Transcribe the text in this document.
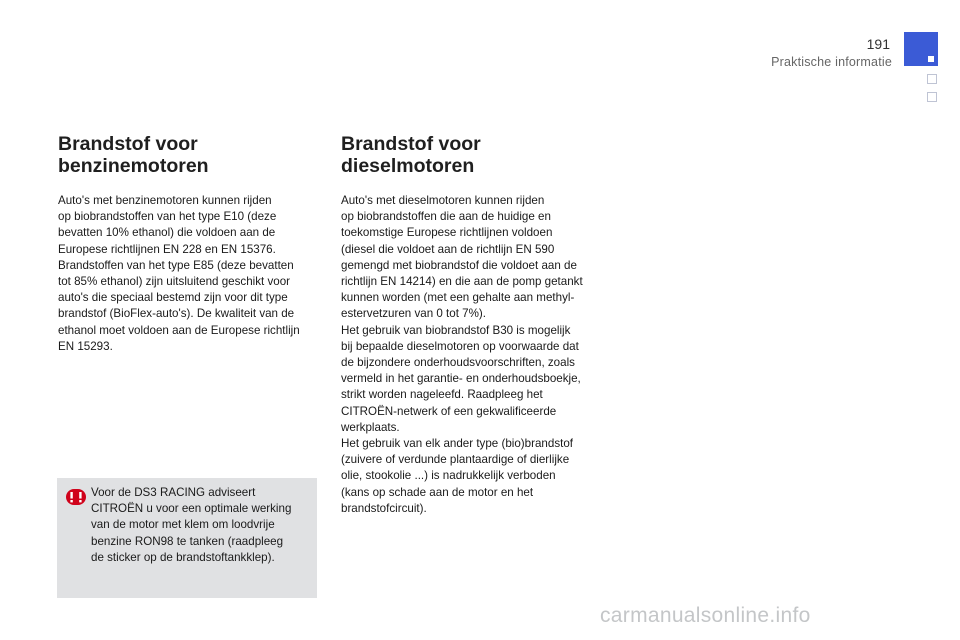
191
Praktische informatie
Brandstof voor
benzinemotoren
Auto's met benzinemotoren kunnen rijden
op biobrandstoffen van het type E10 (deze
bevatten 10% ethanol) die voldoen aan de
Europese richtlijnen EN 228 en EN 15376.
Brandstoffen van het type E85 (deze bevatten
tot 85% ethanol) zijn uitsluitend geschikt voor
auto's die speciaal bestemd zijn voor dit type
brandstof (BioFlex-auto's). De kwaliteit van de
ethanol moet voldoen aan de Europese richtlijn
EN 15293.
Brandstof voor
dieselmotoren
Auto's met dieselmotoren kunnen rijden
op biobrandstoffen die aan de huidige en
toekomstige Europese richtlijnen voldoen
(diesel die voldoet aan de richtlijn EN 590
gemengd met biobrandstof die voldoet aan de
richtlijn EN 14214) en die aan de pomp getankt
kunnen worden (met een gehalte aan methyl-
estervetzuren van 0 tot 7%).
Het gebruik van biobrandstof B30 is mogelijk
bij bepaalde dieselmotoren op voorwaarde dat
de bijzondere onderhoudsvoorschriften, zoals
vermeld in het garantie- en onderhoudsboekje,
strikt worden nageleefd. Raadpleeg het
CITROËN-netwerk of een gekwalificeerde
werkplaats.
Het gebruik van elk ander type (bio)brandstof
(zuivere of verdunde plantaardige of dierlijke
olie, stookolie ...) is nadrukkelijk verboden
(kans op schade aan de motor en het
brandstofcircuit).
Voor de DS3 RACING adviseert
CITROËN u voor een optimale werking
van de motor met klem om loodvrije
benzine RON98 te tanken (raadpleeg
de sticker op de brandstoftankklep).
carmanualsonline.info
